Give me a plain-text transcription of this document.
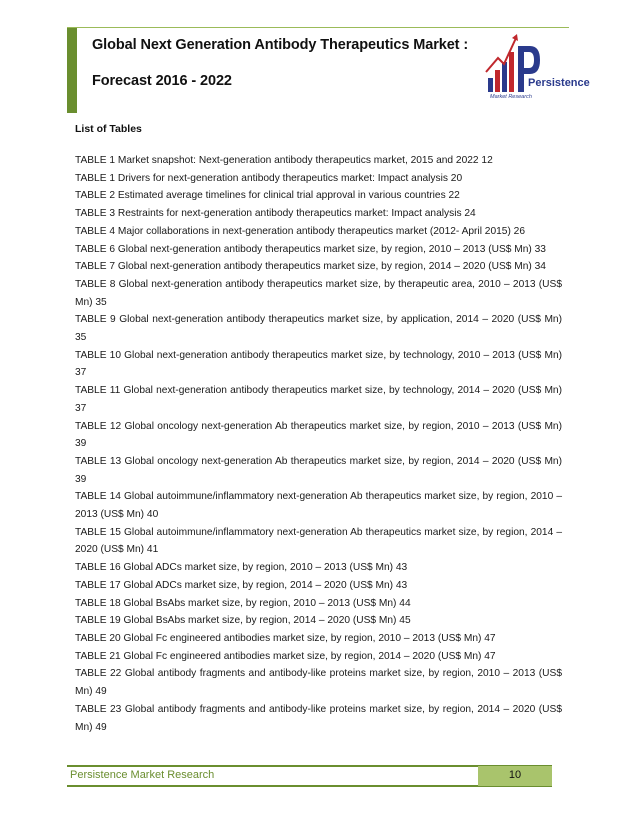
Global Next Generation Antibody Therapeutics Market :
Forecast 2016 - 2022	Persistence
Market Research
List of Tables
TABLE 1 Market snapshot: Next-generation antibody therapeutics market, 2015 and 2022 12
TABLE 1 Drivers for next-generation antibody therapeutics market: Impact analysis 20
TABLE 2 Estimated average timelines for clinical trial approval in various countries 22
TABLE 3 Restraints for next-generation antibody therapeutics market: Impact analysis 24
TABLE 4 Major collaborations in next-generation antibody therapeutics market (2012- April 2015) 26
TABLE 6 Global next-generation antibody therapeutics market size, by region, 2010 – 2013 (US$ Mn) 33
TABLE 7 Global next-generation antibody therapeutics market size, by region, 2014 – 2020 (US$ Mn) 34
TABLE 8 Global next-generation antibody therapeutics market size, by therapeutic area, 2010 – 2013 (US$ Mn) 35
TABLE 9 Global next-generation antibody therapeutics market size, by application, 2014 – 2020 (US$ Mn) 35
TABLE 10 Global next-generation antibody therapeutics market size, by technology, 2010 – 2013 (US$ Mn) 37
TABLE 11 Global next-generation antibody therapeutics market size, by technology, 2014 – 2020 (US$ Mn) 37
TABLE 12 Global oncology next-generation Ab therapeutics market size, by region, 2010 – 2013 (US$ Mn) 39
TABLE 13 Global oncology next-generation Ab therapeutics market size, by region, 2014 – 2020 (US$ Mn) 39
TABLE 14 Global autoimmune/inflammatory next-generation Ab therapeutics market size, by region, 2010 – 2013 (US$ Mn) 40
TABLE 15 Global autoimmune/inflammatory next-generation Ab therapeutics market size, by region, 2014 – 2020 (US$ Mn) 41
TABLE 16 Global ADCs market size, by region, 2010 – 2013 (US$ Mn) 43
TABLE 17 Global ADCs market size, by region, 2014 – 2020 (US$ Mn) 43
TABLE 18 Global BsAbs market size, by region, 2010 – 2013 (US$ Mn) 44
TABLE 19 Global BsAbs market size, by region, 2014 – 2020 (US$ Mn) 45
TABLE 20 Global Fc engineered antibodies market size, by region, 2010 – 2013 (US$ Mn) 47
TABLE 21 Global Fc engineered antibodies market size, by region, 2014 – 2020 (US$ Mn) 47
TABLE 22 Global antibody fragments and antibody-like proteins market size, by region, 2010 – 2013 (US$ Mn) 49
TABLE 23 Global antibody fragments and antibody-like proteins market size, by region, 2014 – 2020 (US$ Mn) 49
Persistence Market Research	10
